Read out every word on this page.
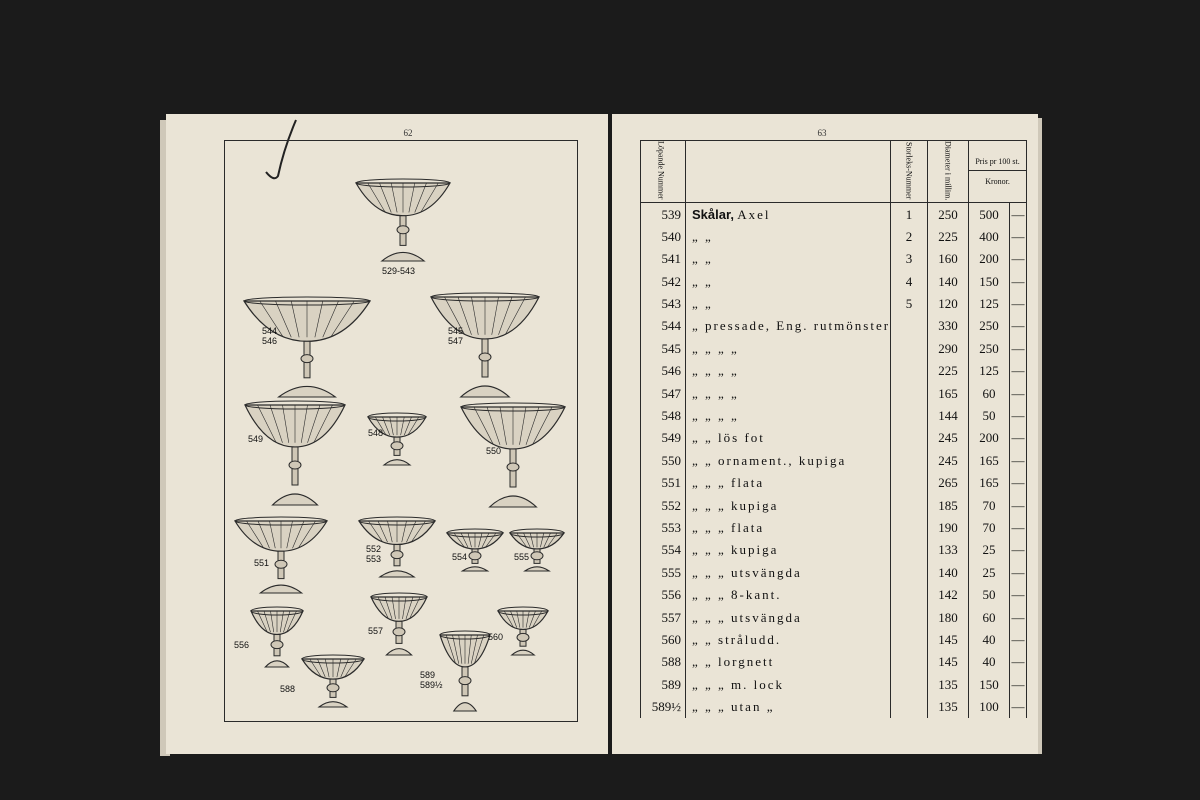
62
529-543
544
546
545
547
549
548
550
551
552
553	554	555
556
557
560
588
589
589½
63
Löpande Nummer		Storleks-Nummer	Diameter i millim.	Pris pr 100 st.
Kronor.	

539	Skålar, Axel	1	250	500	—
540	„ „	2	225	400	—
541	„ „	3	160	200	—
542	„ „	4	140	150	—
543	„ „	5	120	125	—
544	„ pressade, Eng. rutmönster		330	250	—
545	„ „ „ „		290	250	—
546	„ „ „ „		225	125	—
547	„ „ „ „		165	60	—
548	„ „ „ „		144	50	—
549	„ „ lös fot		245	200	—
550	„ „ ornament., kupiga		245	165	—
551	„ „ „ flata		265	165	—
552	„ „ „ kupiga		185	70	—
553	„ „ „ flata		190	70	—
554	„ „ „ kupiga		133	25	—
555	„ „ „ utsvängda		140	25	—
556	„ „ „ 8-kant.		142	50	—
557	„ „ „ utsvängda		180	60	—
560	„ „ stråludd.		145	40	—
588	„ „ lorgnett		145	40	—
589	„ „ „ m. lock		135	150	—
589½	„ „ „ utan „		135	100	—
